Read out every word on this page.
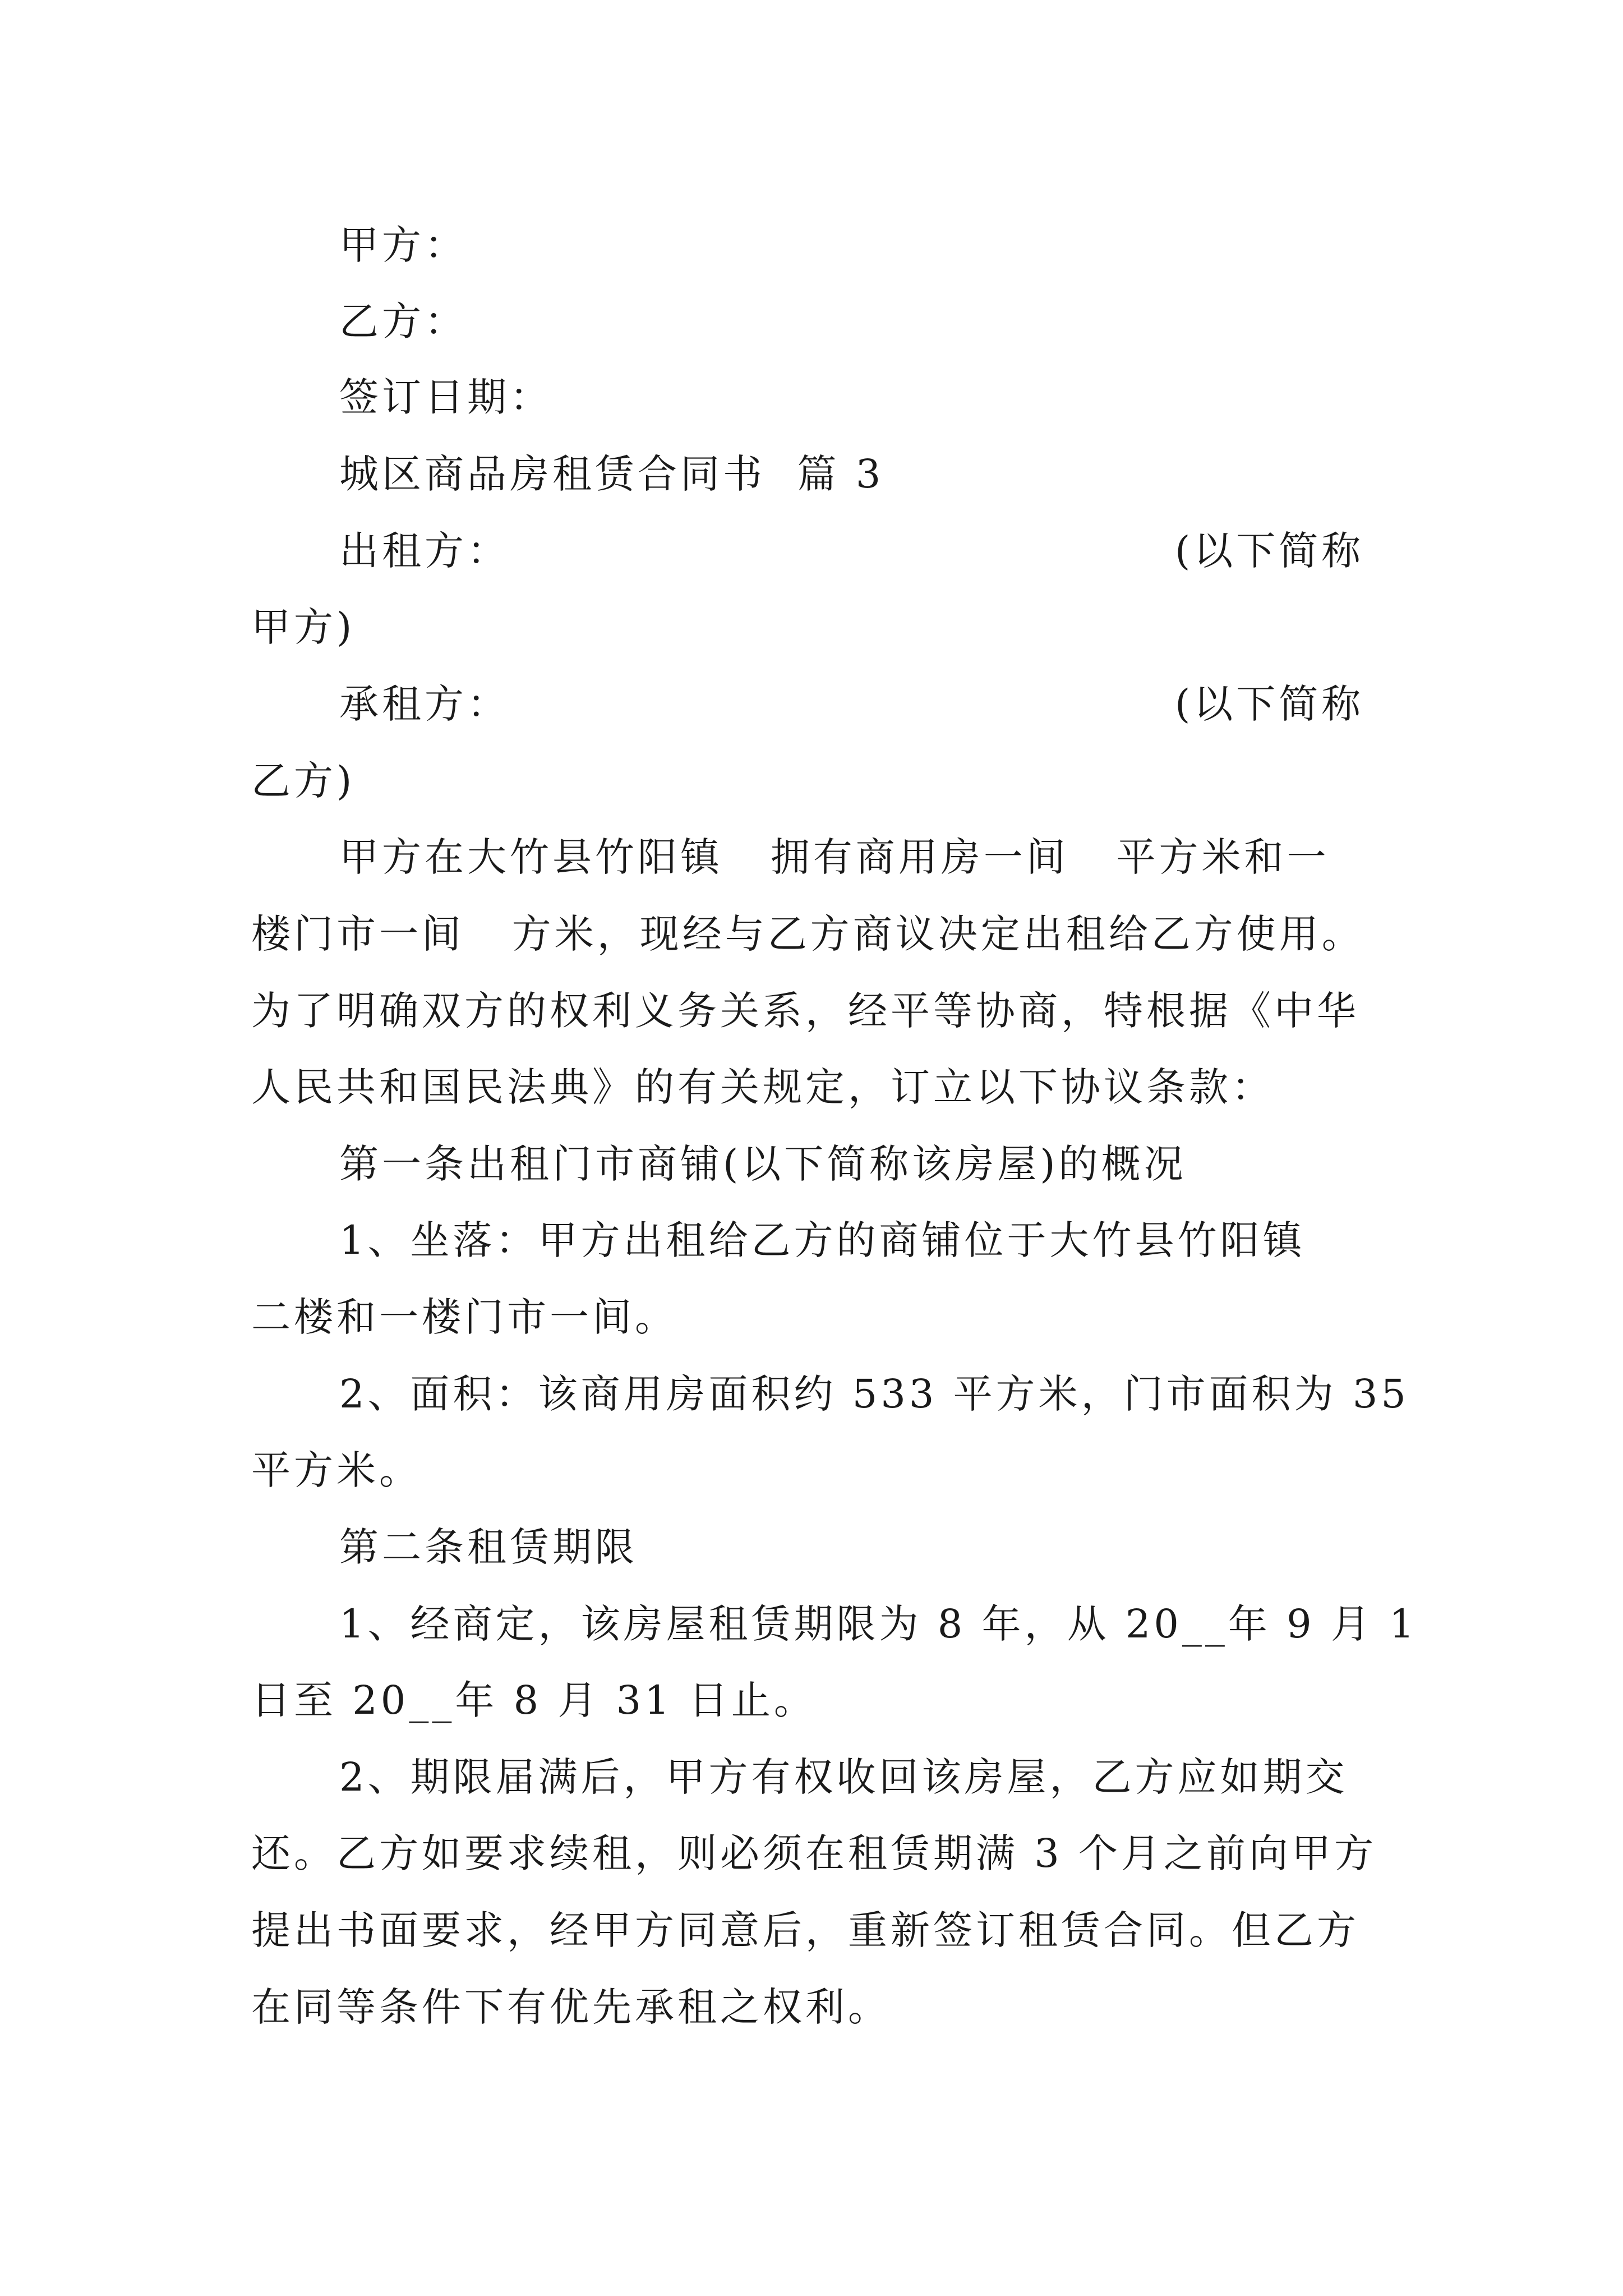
甲方：
乙方：
签订日期：
城区商品房租赁合同书  篇 3
出租方：	(以下简称
甲方)
承租方：	(以下简称
乙方)
甲方在大竹县竹阳镇   拥有商用房一间   平方米和一
楼门市一间   方米，现经与乙方商议决定出租给乙方使用。
为了明确双方的权利义务关系，经平等协商，特根据《中华
人民共和国民法典》的有关规定，订立以下协议条款：
第一条出租门市商铺(以下简称该房屋)的概况
1、坐落：甲方出租给乙方的商铺位于大竹县竹阳镇
二楼和一楼门市一间。
2、面积：该商用房面积约 533 平方米，门市面积为 35
平方米。
第二条租赁期限
1、经商定，该房屋租赁期限为 8 年，从 20__年 9 月 1
日至 20__年 8 月 31 日止。
2、期限届满后，甲方有权收回该房屋，乙方应如期交
还。乙方如要求续租，则必须在租赁期满 3 个月之前向甲方
提出书面要求，经甲方同意后，重新签订租赁合同。但乙方
在同等条件下有优先承租之权利。
